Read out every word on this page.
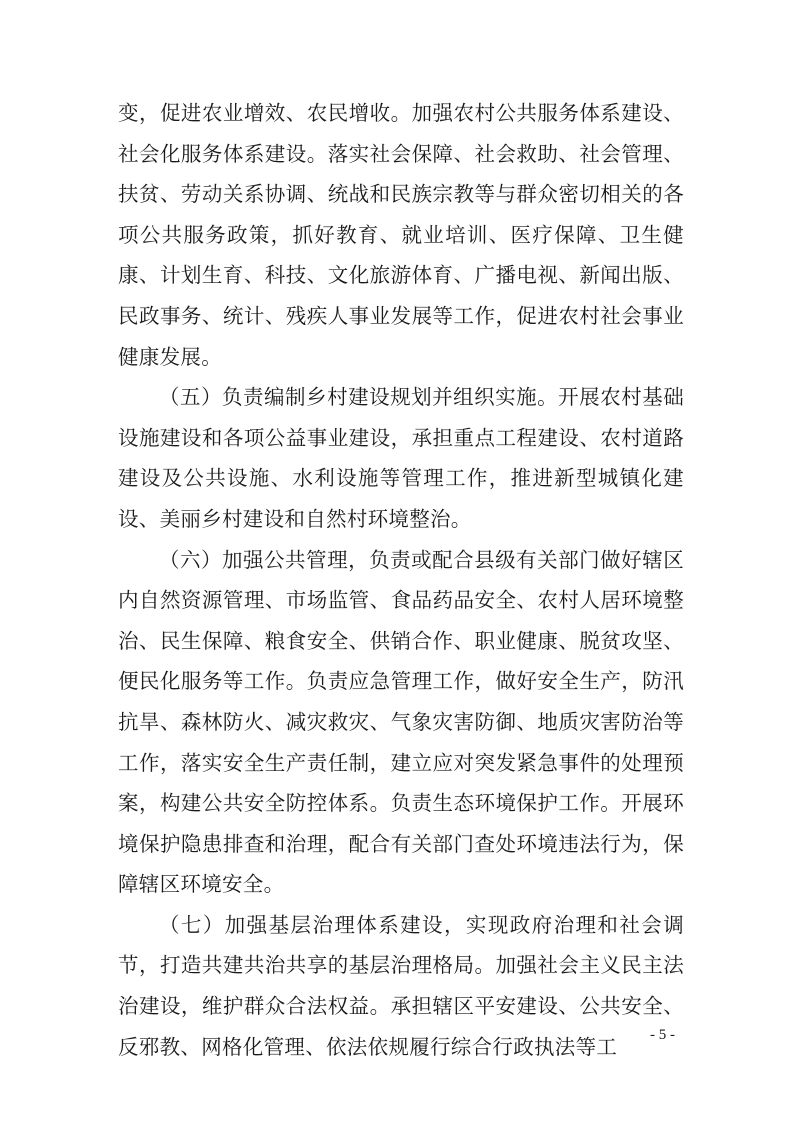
变，促进农业增效、农民增收。加强农村公共服务体系建设、社会化服务体系建设。落实社会保障、社会救助、社会管理、扶贫、劳动关系协调、统战和民族宗教等与群众密切相关的各项公共服务政策，抓好教育、就业培训、医疗保障、卫生健康、计划生育、科技、文化旅游体育、广播电视、新闻出版、民政事务、统计、残疾人事业发展等工作，促进农村社会事业健康发展。

（五）负责编制乡村建设规划并组织实施。开展农村基础设施建设和各项公益事业建设，承担重点工程建设、农村道路建设及公共设施、水利设施等管理工作，推进新型城镇化建设、美丽乡村建设和自然村环境整治。

（六）加强公共管理，负责或配合县级有关部门做好辖区内自然资源管理、市场监管、食品药品安全、农村人居环境整治、民生保障、粮食安全、供销合作、职业健康、脱贫攻坚、便民化服务等工作。负责应急管理工作，做好安全生产，防汛抗旱、森林防火、减灾救灾、气象灾害防御、地质灾害防治等工作，落实安全生产责任制，建立应对突发紧急事件的处理预案，构建公共安全防控体系。负责生态环境保护工作。开展环境保护隐患排查和治理，配合有关部门查处环境违法行为，保障辖区环境安全。

（七）加强基层治理体系建设，实现政府治理和社会调节，打造共建共治共享的基层治理格局。加强社会主义民主法治建设，维护群众合法权益。承担辖区平安建设、公共安全、反邪教、网格化管理、依法依规履行综合行政执法等工	- 5 -
